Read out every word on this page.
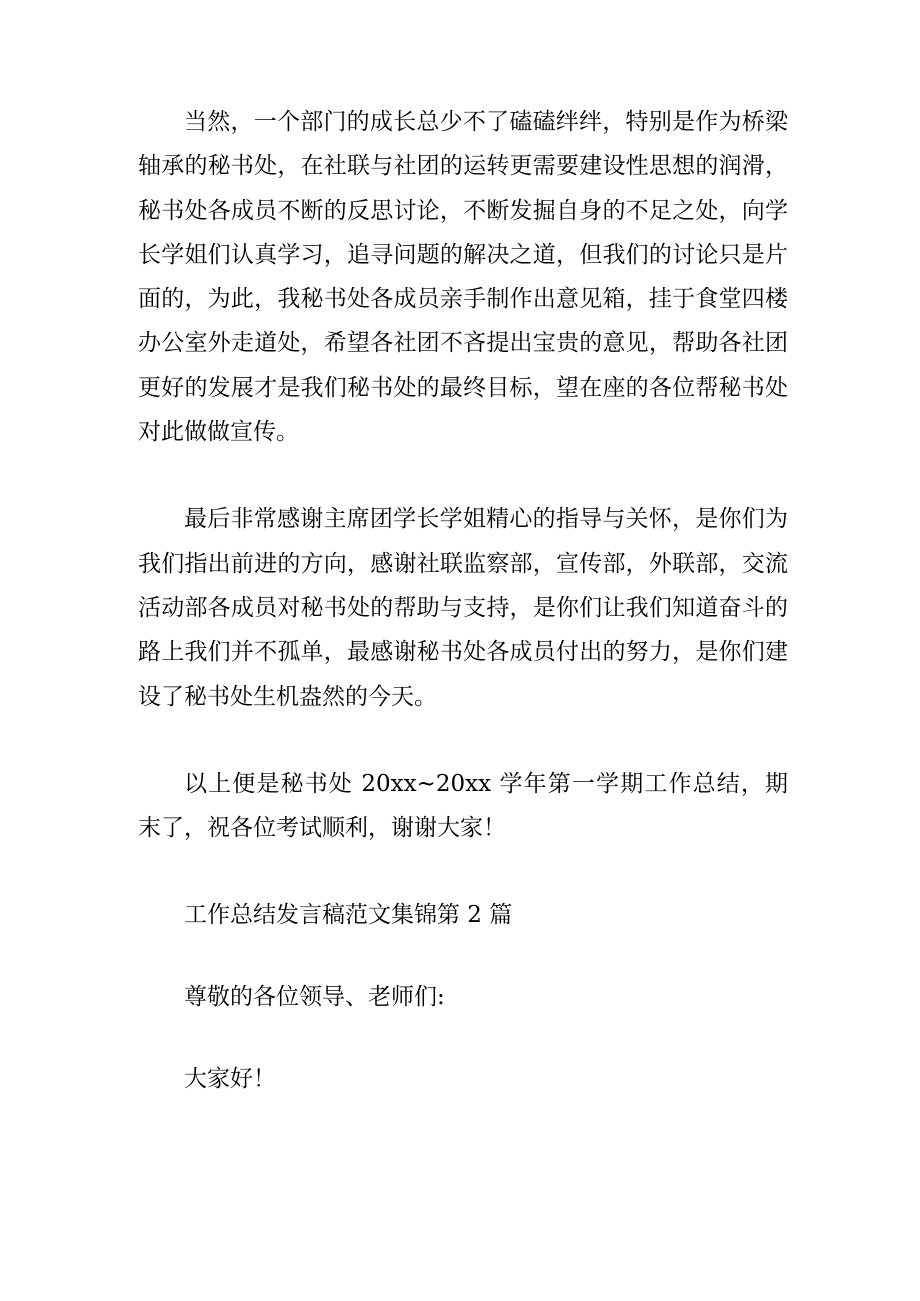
当然，一个部门的成长总少不了磕磕绊绊，特别是作为桥梁轴承的秘书处，在社联与社团的运转更需要建设性思想的润滑，秘书处各成员不断的反思讨论，不断发掘自身的不足之处，向学长学姐们认真学习，追寻问题的解决之道，但我们的讨论只是片面的，为此，我秘书处各成员亲手制作出意见箱，挂于食堂四楼办公室外走道处，希望各社团不吝提出宝贵的意见，帮助各社团更好的发展才是我们秘书处的最终目标，望在座的各位帮秘书处对此做做宣传。

最后非常感谢主席团学长学姐精心的指导与关怀，是你们为我们指出前进的方向，感谢社联监察部，宣传部，外联部，交流活动部各成员对秘书处的帮助与支持，是你们让我们知道奋斗的路上我们并不孤单，最感谢秘书处各成员付出的努力，是你们建设了秘书处生机盎然的今天。

以上便是秘书处 20xx~20xx 学年第一学期工作总结，期末了，祝各位考试顺利，谢谢大家！

工作总结发言稿范文集锦第 2 篇

尊敬的各位领导、老师们:

大家好！
